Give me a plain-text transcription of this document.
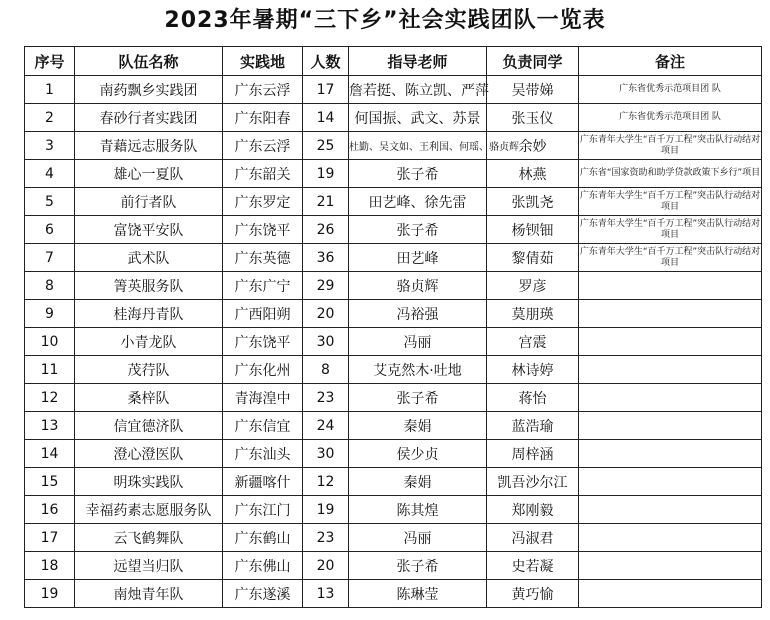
2023年暑期“三下乡”社会实践团队一览表
序号	队伍名称	实践地	人数	指导老师	负责同学	备注
1	南药飘乡实践团	广东云浮	17	詹若挺、陈立凯、严萍	吴带娣	广东省优秀示范项目团 队
2	春砂行者实践团	广东阳春	14	何国振、武文、苏景	张玉仪	广东省优秀示范项目团 队
3	青藉远志服务队	广东云浮	25	杜勤、吴文如、王利国、何瑶、骆贞辉	余妙	广东青年大学生“百千万工程”突击队行动结对项目
4	雄心一夏队	广东韶关	19	张子希	林燕	广东省“国家资助和助学贷款政策下乡行”项目
5	前行者队	广东罗定	21	田艺峰、徐先雷	张凯尧	广东青年大学生“百千万工程”突击队行动结对项目
6	富饶平安队	广东饶平	26	张子希	杨钡钿	广东青年大学生“百千万工程”突击队行动结对项目
7	武术队	广东英德	36	田艺峰	黎倩茹	广东青年大学生“百千万工程”突击队行动结对项目
8	箐英服务队	广东广宁	29	骆贞辉	罗彦	
9	桂海丹青队	广西阳朔	20	冯裕强	莫朋瑛	
10	小青龙队	广东饶平	30	冯丽	宫震	
11	茂荇队	广东化州	8	艾克然木·吐地	林诗婷	
12	桑梓队	青海湟中	23	张子希	蒋怡	
13	信宜德济队	广东信宜	24	秦娟	蓝浩瑜	
14	澄心澄医队	广东汕头	30	侯少贞	周梓涵	
15	明珠实践队	新疆喀什	12	秦娟	凯吾沙尔江	
16	幸福药素志愿服务队	广东江门	19	陈其煌	郑刚毅	
17	云飞鹤舞队	广东鹤山	23	冯丽	冯淑君	
18	远望当归队	广东佛山	20	张子希	史若凝	
19	南烛青年队	广东遂溪	13	陈琳莹	黄巧愉	
